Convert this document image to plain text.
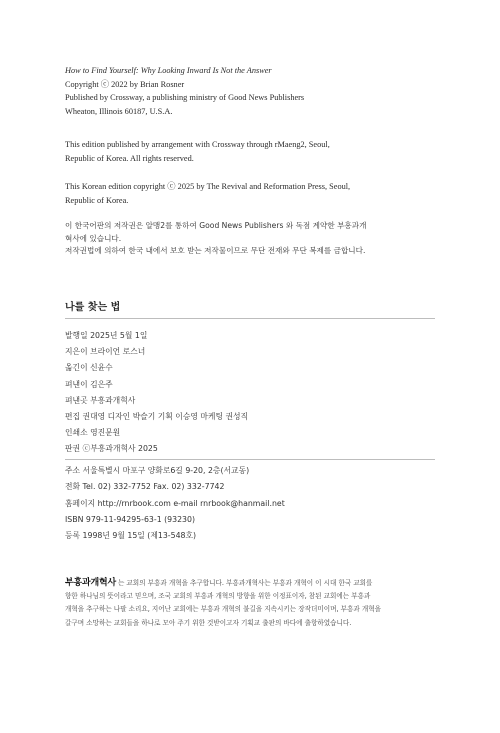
How to Find Yourself: Why Looking Inward Is Not the Answer
Copyright ⓒ 2022 by Brian Rosner
Published by Crossway, a publishing ministry of Good News Publishers
Wheaton, Illinois 60187, U.S.A.
This edition published by arrangement with Crossway through rMaeng2, Seoul,
Republic of Korea. All rights reserved.
This Korean edition copyright ⓒ 2025 by The Revival and Reformation Press, Seoul,
Republic of Korea.
이 한국어판의 저작권은 알맹2를 통하여 Good News Publishers 와 독점 계약한 부흥과개
혁사에 있습니다.
저작권법에 의하여 한국 내에서 보호 받는 저작물이므로 무단 전재와 무단 복제를 금합니다.
나를 찾는 법
발행일 2025년 5월 1일
지은이 브라이언 로스너
옮긴이 신윤수
펴낸이 김은주
펴낸곳 부흥과개혁사
편집 권대영 디자인 박슬기 기획 이승영 마케팅 권성직
인쇄소 영진문원
판권 ⓒ부흥과개혁사 2025
주소 서울특별시 마포구 양화로6길 9-20, 2층(서교동)
전화 Tel. 02) 332-7752 Fax. 02) 332-7742
홈페이지 http://rnrbook.com e-mail rnrbook@hanmail.net
ISBN 979-11-94295-63-1 (93230)
등록 1998년 9월 15일 (제13-548호)
부흥과개혁사 는 교회의 부흥과 개혁을 추구합니다. 부흥과개혁사는 부흥과 개혁이 이 시대 한국 교회를
향한 하나님의 뜻이라고 믿으며, 조국 교회의 부흥과 개혁의 방향을 위한 이정표이자, 참된 교회에는 부흥과
개혁을 추구하는 나팔 소리요, 지어난 교회에는 부흥과 개혁의 불길을 지속시키는 장작더미이며, 부흥과 개혁을
갈구며 소망하는 교회들을 하나로 모아 주기 위한 것받이고자 기획교 출판의 바다에 출항하였습니다.
